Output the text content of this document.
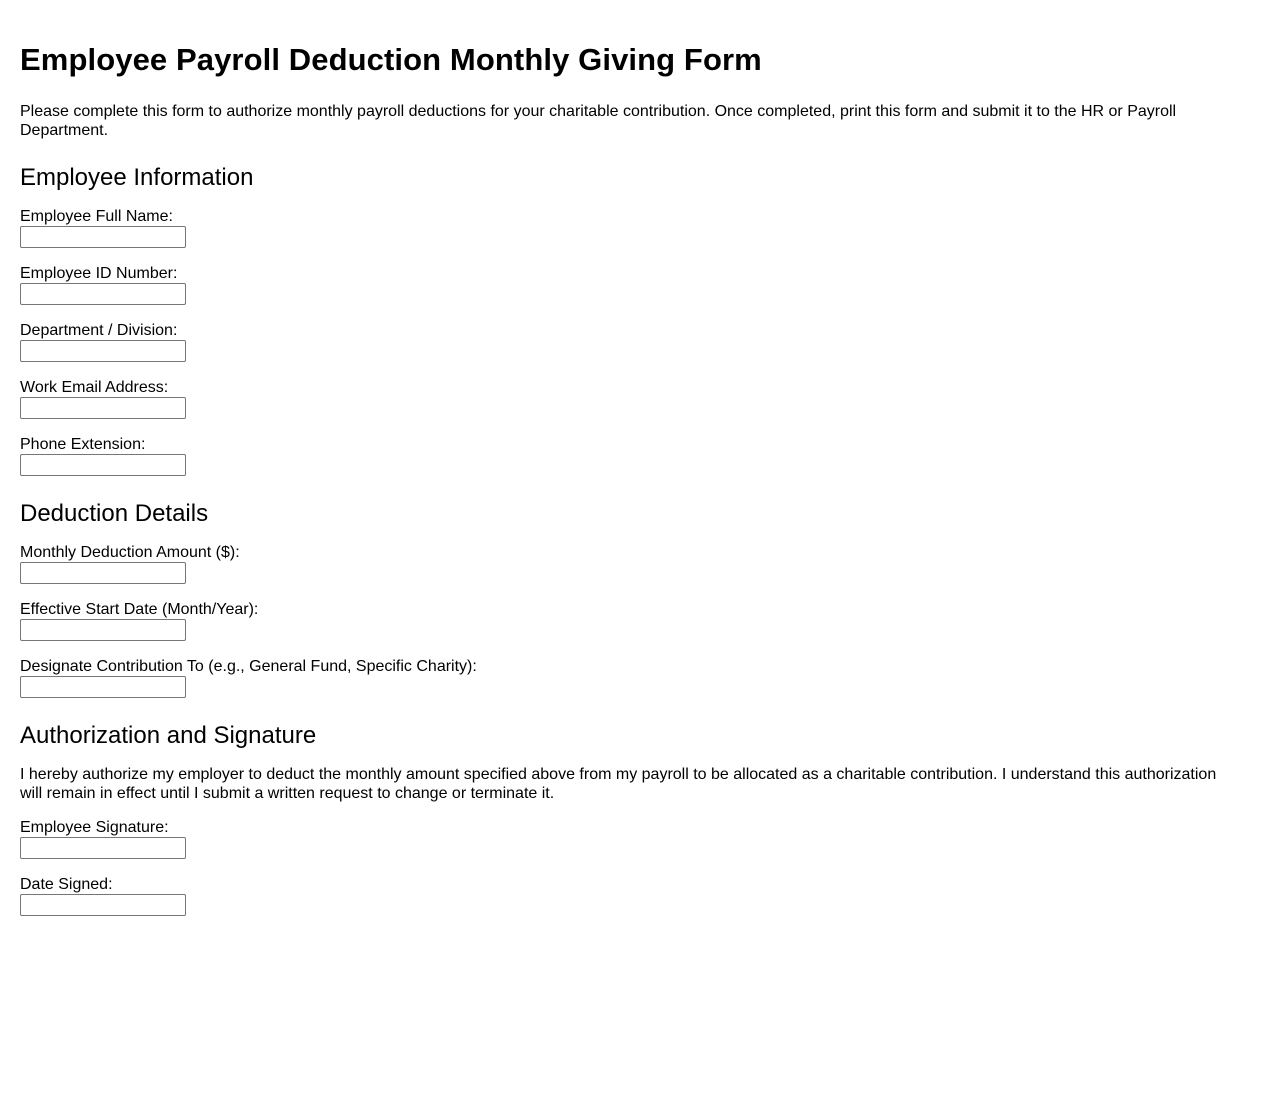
Employee Payroll Deduction Monthly Giving Form

Please complete this form to authorize monthly payroll deductions for your charitable contribution. Once completed, print this form and submit it to the HR or Payroll Department.

Employee Information
Employee Full Name:
Employee ID Number:
Department / Division:
Work Email Address:
Phone Extension:
Deduction Details
Monthly Deduction Amount ($):
Effective Start Date (Month/Year):
Designate Contribution To (e.g., General Fund, Specific Charity):
Authorization and Signature

I hereby authorize my employer to deduct the monthly amount specified above from my payroll to be allocated as a charitable contribution. I understand this authorization will remain in effect until I submit a written request to change or terminate it.

Employee Signature:
Date Signed:
